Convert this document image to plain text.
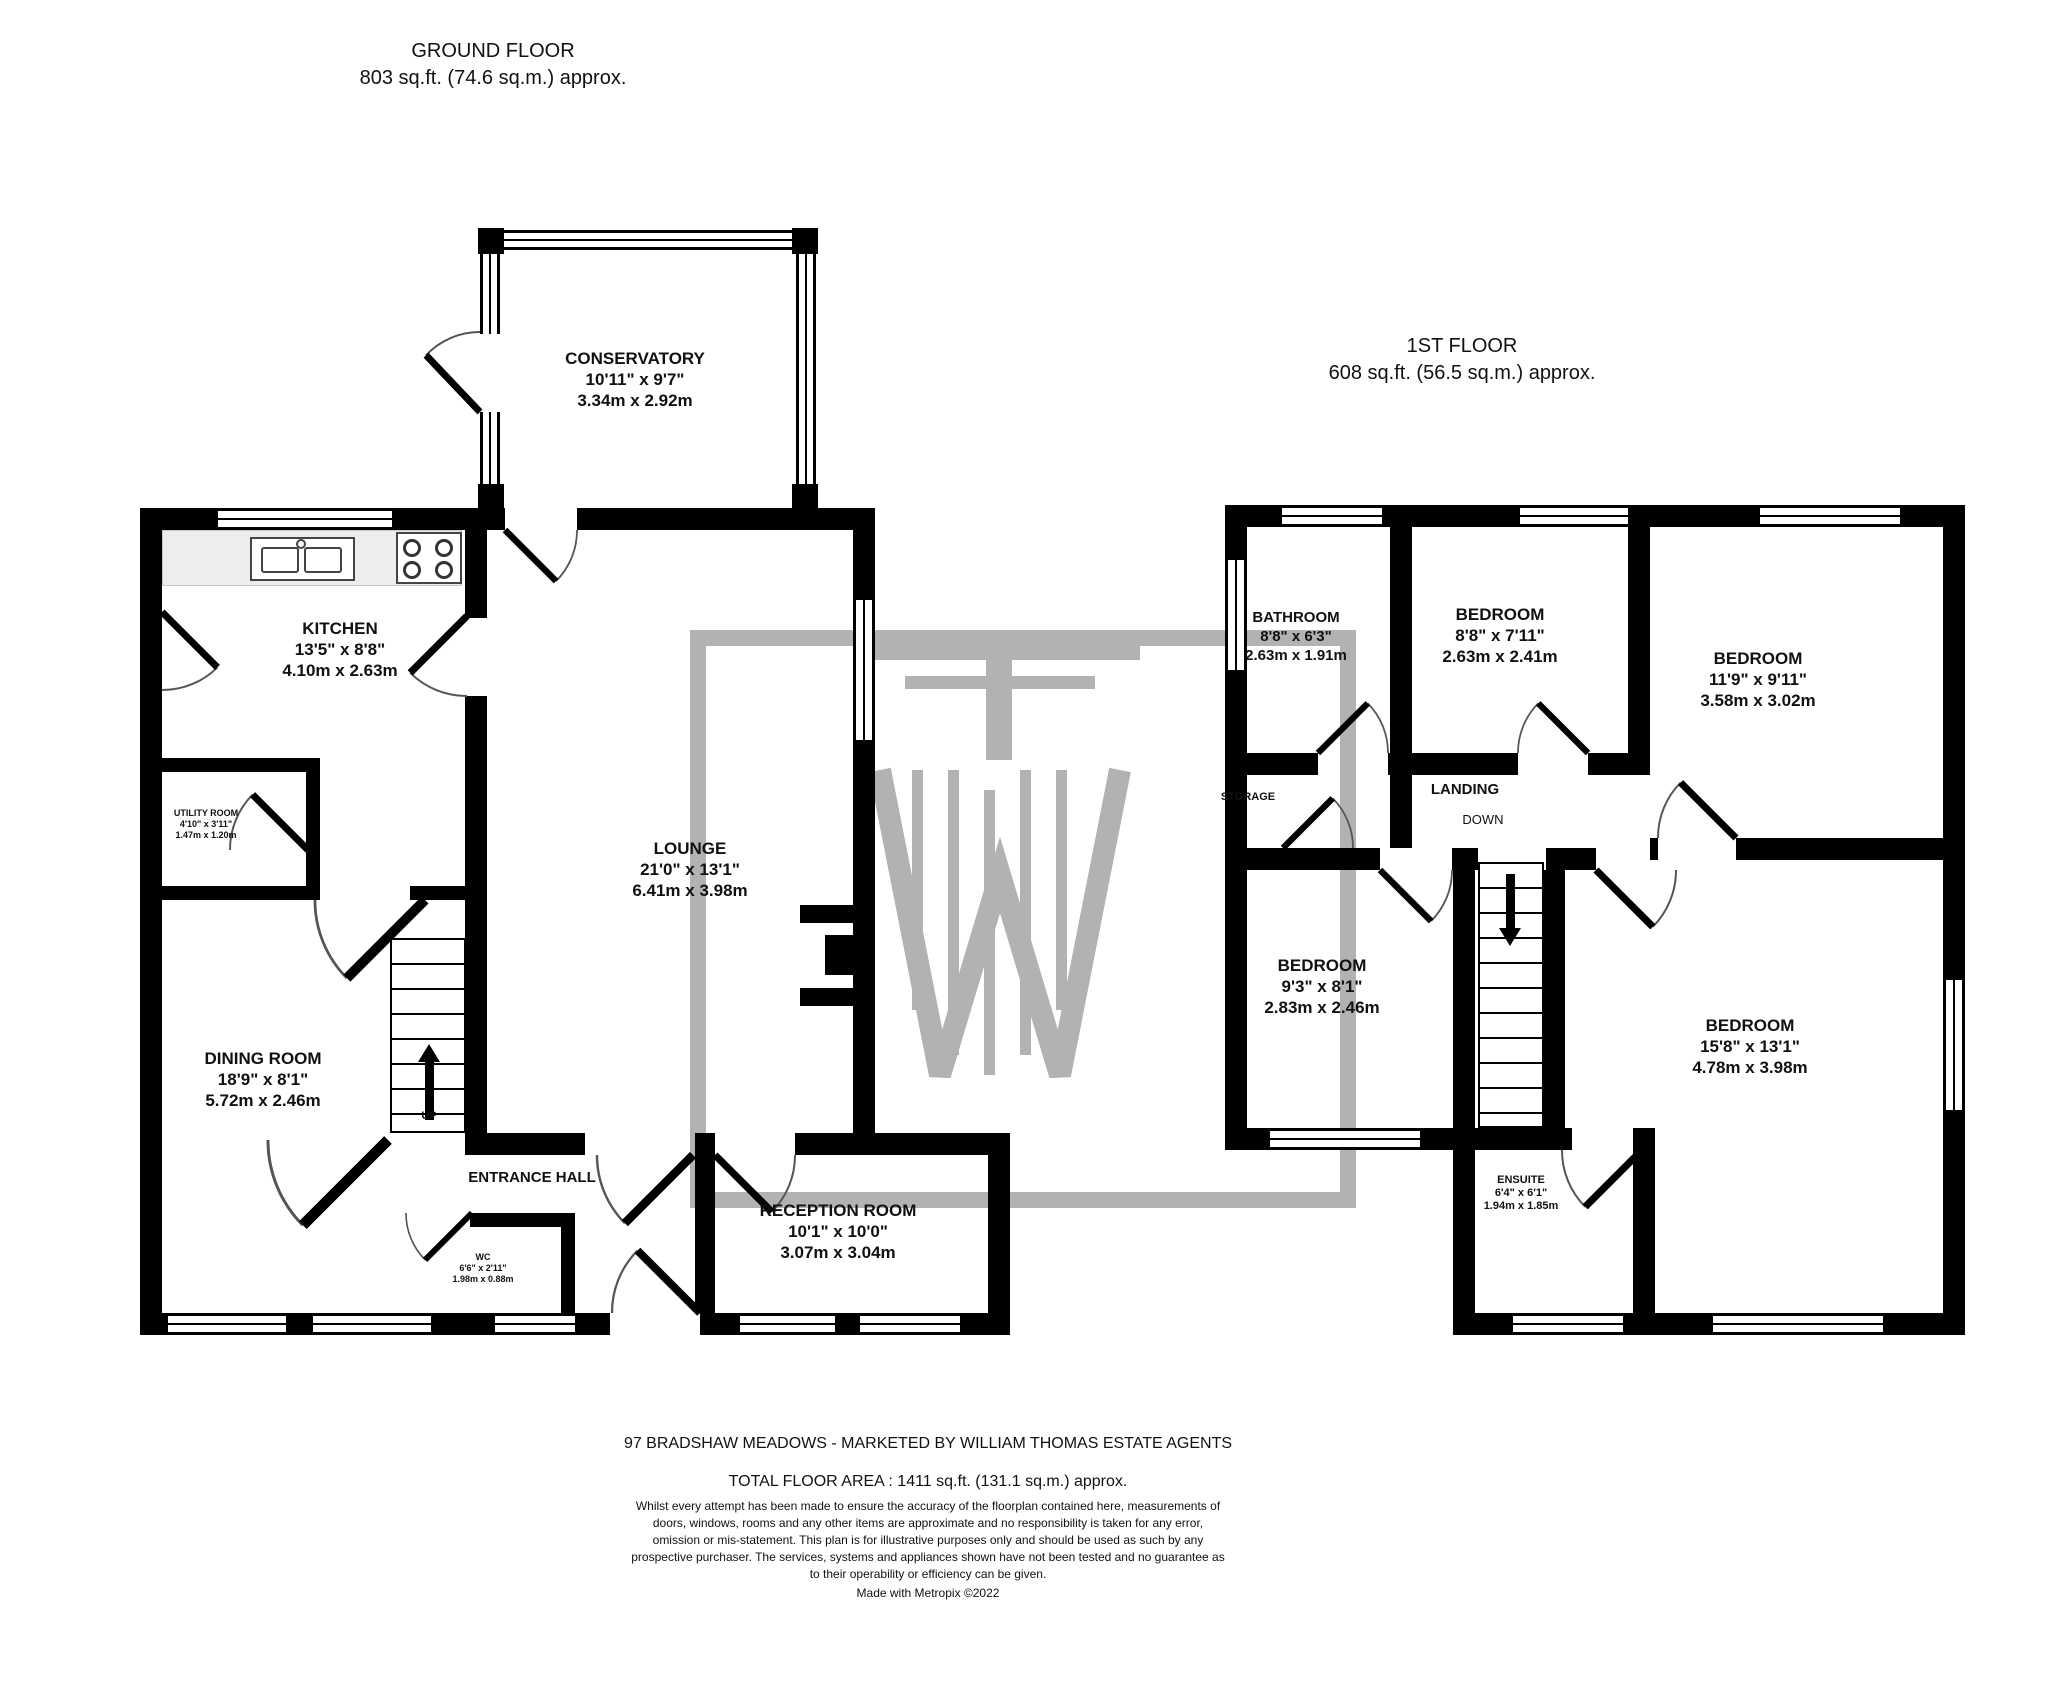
GROUND FLOOR
803 sq.ft. (74.6 sq.m.) approx.
1ST FLOOR
608 sq.ft. (56.5 sq.m.) approx.
CONSERVATORY
10'11" x 9'7"
3.34m x 2.92m
KITCHEN
13'5" x 8'8"
4.10m x 2.63m
LOUNGE
21'0" x 13'1"
6.41m x 3.98m
DINING ROOM
18'9" x 8'1"
5.72m x 2.46m
UTILITY ROOM
4'10" x 3'11"
1.47m x 1.20m
ENTRANCE HALL
WC
6'6" x 2'11"
1.98m x 0.88m
RECEPTION ROOM
10'1" x 10'0"
3.07m x 3.04m
UP
BATHROOM
8'8" x 6'3"
2.63m x 1.91m
BEDROOM
8'8" x 7'11"
2.63m x 2.41m	BEDROOM
11'9" x 9'11"
3.58m x 3.02m
STORAGE	LANDING
DOWN
BEDROOM
9'3" x 8'1"
2.83m x 2.46m
BEDROOM
15'8" x 13'1"
4.78m x 3.98m
ENSUITE
6'4" x 6'1"
1.94m x 1.85m
97 BRADSHAW MEADOWS - MARKETED BY WILLIAM THOMAS ESTATE AGENTS
TOTAL FLOOR AREA : 1411 sq.ft. (131.1 sq.m.) approx.
Whilst every attempt has been made to ensure the accuracy of the floorplan contained here, measurements of doors, windows, rooms and any other items are approximate and no responsibility is taken for any error, omission or mis-statement. This plan is for illustrative purposes only and should be used as such by any prospective purchaser. The services, systems and appliances shown have not been tested and no guarantee as to their operability or efficiency can be given.
Made with Metropix ©2022
